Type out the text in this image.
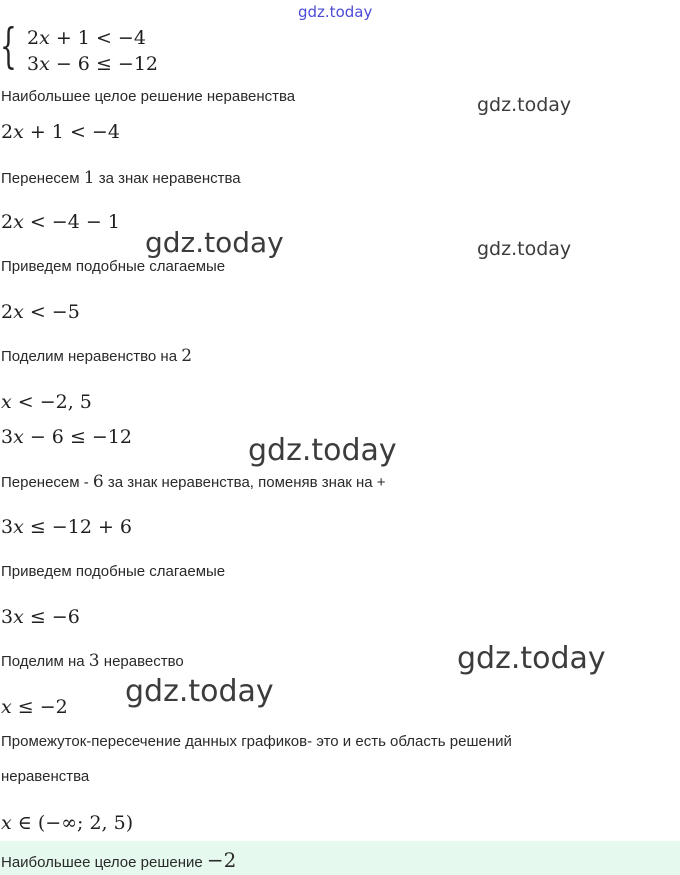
gdz.today
gdz.today
gdz.today	gdz.today
gdz.today
gdz.today
gdz.today
{ 2x + 1 < −4
3x − 6 ≤ −12
Наибольшее целое решение неравенства
2x + 1 < −4
Перенесем 1 за знак неравенства
2x < −4 − 1
Приведем подобные слагаемые
2x < −5
Поделим неравенство на 2
x < −2, 5
3x − 6 ≤ −12
Перенесем - 6 за знак неравенства, поменяв знак на +
3x ≤ −12 + 6
Приведем подобные слагаемые
3x ≤ −6
Поделим на 3 неравество
x ≤ −2
Промежуток-пересечение данных графиков- это и есть область решений
неравенства
x ∈ (−∞; 2, 5)
Наибольшее целое решение −2
